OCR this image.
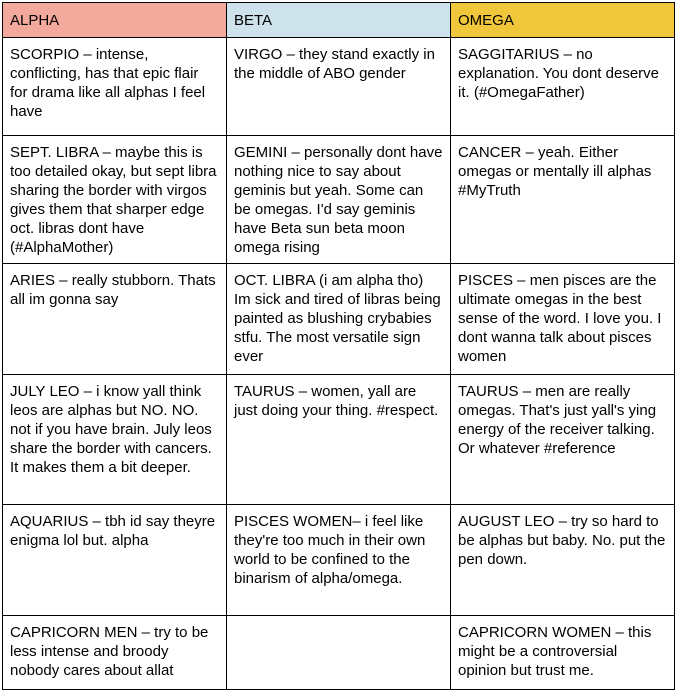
ALPHA	BETA	OMEGA
SCORPIO – intense, conflicting, has that epic flair for drama like all alphas I feel have	VIRGO – they stand exactly in the middle of ABO gender	SAGGITARIUS – no explanation. You dont deserve it. (#OmegaFather)
SEPT. LIBRA – maybe this is too detailed okay, but sept libra sharing the border with virgos gives them that sharper edge oct. libras dont have (#AlphaMother)	GEMINI – personally dont have nothing nice to say about geminis but yeah. Some can be omegas. I'd say geminis have Beta sun beta moon omega rising	CANCER – yeah. Either omegas or mentally ill alphas #MyTruth
ARIES – really stubborn. Thats all im gonna say	OCT. LIBRA (i am alpha tho) Im sick and tired of libras being painted as blushing crybabies stfu. The most versatile sign ever	PISCES – men pisces are the ultimate omegas in the best sense of the word. I love you. I dont wanna talk about pisces women
JULY LEO – i know yall think leos are alphas but NO. NO. not if you have brain. July leos share the border with cancers. It makes them a bit deeper.	TAURUS – women, yall are just doing your thing. #respect.	TAURUS – men are really omegas. That's just yall's ying energy of the receiver talking. Or whatever #reference
AQUARIUS – tbh id say theyre enigma lol but. alpha	PISCES WOMEN– i feel like they're too much in their own world to be confined to the binarism of alpha/omega.	AUGUST LEO – try so hard to be alphas but baby. No. put the pen down.
CAPRICORN MEN – try to be less intense and broody nobody cares about allat		CAPRICORN WOMEN – this might be a controversial opinion but trust me.
